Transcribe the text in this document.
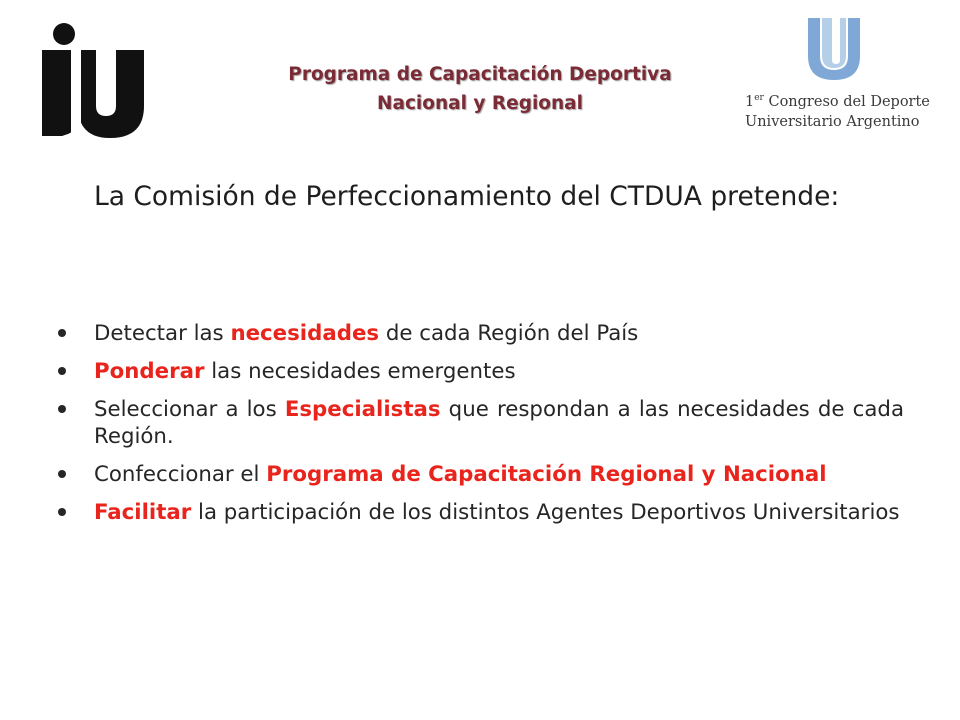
Programa de Capacitación Deportiva
Nacional y Regional	1er Congreso del Deporte
Universitario Argentino
La Comisión de Perfeccionamiento del CTDUA pretende:
Detectar las necesidades de cada Región del País
Ponderar las necesidades emergentes
Seleccionar a los Especialistas que respondan a las necesidades de cada Región.
Confeccionar el Programa de Capacitación Regional y Nacional
Facilitar la participación de los distintos Agentes Deportivos Universitarios
